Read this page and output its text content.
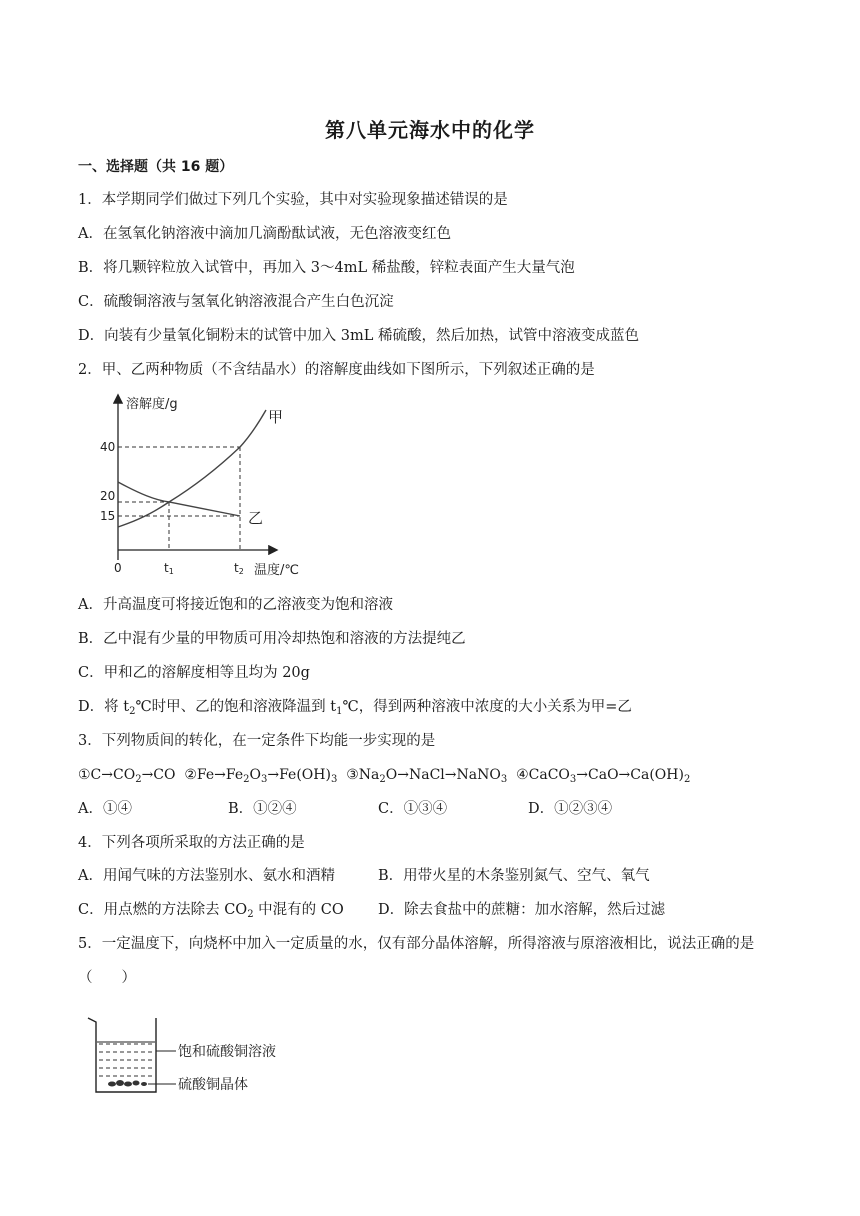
第八单元海水中的化学
一、选择题（共 16 题）
1．本学期同学们做过下列几个实验，其中对实验现象描述错误的是
A．在氢氧化钠溶液中滴加几滴酚酞试液，无色溶液变红色
B．将几颗锌粒放入试管中，再加入 3～4mL 稀盐酸，锌粒表面产生大量气泡
C．硫酸铜溶液与氢氧化钠溶液混合产生白色沉淀
D．向装有少量氧化铜粉末的试管中加入 3mL 稀硫酸，然后加热，试管中溶液变成蓝色
2．甲、乙两种物质（不含结晶水）的溶解度曲线如下图所示，下列叙述正确的是
溶解度/g
温度/℃
40
20
15
0	t1	t2
甲
乙
A．升高温度可将接近饱和的乙溶液变为饱和溶液
B．乙中混有少量的甲物质可用冷却热饱和溶液的方法提纯乙
C．甲和乙的溶解度相等且均为 20g
D．将 $t_2℃$时甲、乙的饱和溶液降温到 $t_1℃$，得到两种溶液中浓度的大小关系为甲=乙
3．下列物质间的转化，在一定条件下均能一步实现的是
$①C\to CO_2\to CO$  $②Fe\to Fe_2O_3\to Fe(OH)_3$  $③Na_2O\to NaCl\to NaNO_3$  $④CaCO_3\to CaO\to Ca(OH)_2$
A．①④	B．①②④	C．①③④	D．①②③④
4．下列各项所采取的方法正确的是
A．用闻气味的方法鉴别水、氨水和酒精	B．用带火星的木条鉴别氮气、空气、氧气
C．用点燃的方法除去 $CO_2$ 中混有的 CO D．除去食盐中的蔗糖：加水溶解，然后过滤
5．一定温度下，向烧杯中加入一定质量的水，仅有部分晶体溶解，所得溶液与原溶液相比，说法正确的是
（　　）
饱和硫酸铜溶液
硫酸铜晶体
